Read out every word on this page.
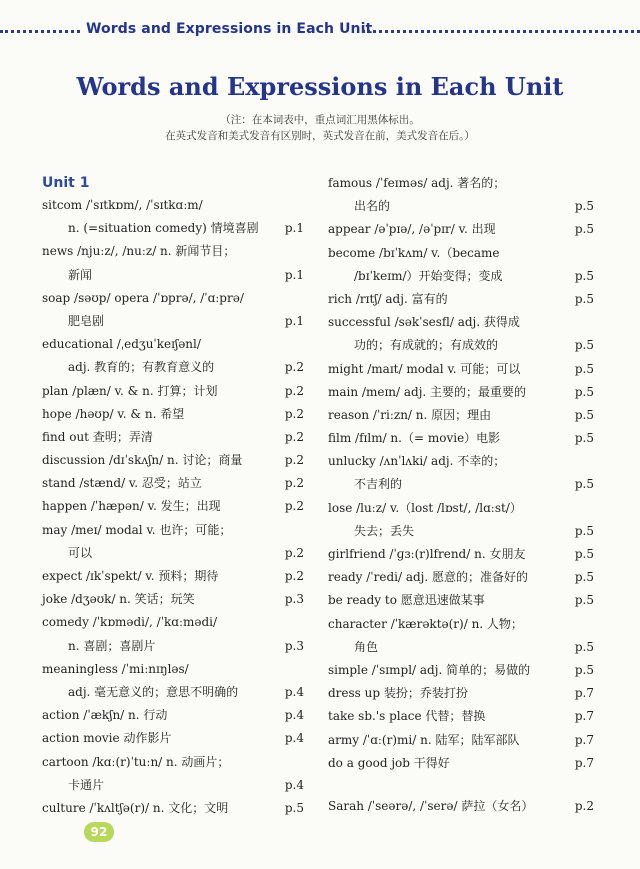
Words and Expressions in Each Unit
Words and Expressions in Each Unit
（注：在本词表中，重点词汇用黑体标出。
在英式发音和美式发音有区别时，英式发音在前，美式发音在后。）
Unit 1
sitcom /ˈsɪtkɒm/, /ˈsɪtkɑːm/
n. (=situation comedy) 情境喜剧 p.1
news /njuːz/, /nuːz/ n. 新闻节目；
新闻	p.1
soap /səʊp/ opera /ˈɒprə/, /ˈɑːprə/
肥皂剧	p.1
educational /ˌedʒuˈkeɪʃənl/
adj. 教育的；有教育意义的	p.2
plan /plæn/ v. & n. 打算；计划	p.2
hope /həʊp/ v. & n. 希望	p.2
find out 查明；弄清	p.2
discussion /dɪˈskʌʃn/ n. 讨论；商量	p.2
stand /stænd/ v. 忍受；站立	p.2
happen /ˈhæpən/ v. 发生；出现	p.2
may /meɪ/ modal v. 也许；可能；
可以	p.2
expect /ɪkˈspekt/ v. 预料；期待	p.2
joke /dʒəʊk/ n. 笑话；玩笑	p.3
comedy /ˈkɒmədi/, /ˈkɑːmədi/
n. 喜剧；喜剧片	p.3
meaningless /ˈmiːnɪŋləs/
adj. 毫无意义的；意思不明确的	p.4
action /ˈækʃn/ n. 行动	p.4
action movie 动作影片	p.4
cartoon /kɑː(r)ˈtuːn/ n. 动画片；
卡通片	p.4
culture /ˈkʌltʃə(r)/ n. 文化；文明	p.5
famous /ˈfeɪməs/ adj. 著名的；
出名的	p.5
appear /əˈpɪə/, /əˈpɪr/ v. 出现	p.5
become /bɪˈkʌm/ v.（became
/bɪˈkeɪm/）开始变得；变成	p.5
rich /rɪtʃ/ adj. 富有的	p.5
successful /səkˈsesfl/ adj. 获得成
功的；有成就的；有成效的	p.5
might /maɪt/ modal v. 可能；可以	p.5
main /meɪn/ adj. 主要的；最重要的	p.5
reason /ˈriːzn/ n. 原因；理由	p.5
film /fɪlm/ n.（= movie）电影	p.5
unlucky /ʌnˈlʌki/ adj. 不幸的；
不吉利的	p.5
lose /luːz/ v.（lost /lɒst/, /lɑːst/）
失去；丢失	p.5
girlfriend /ˈɡɜː(r)lfrend/ n. 女朋友	p.5
ready /ˈredi/ adj. 愿意的；准备好的	p.5
be ready to 愿意迅速做某事	p.5
character /ˈkærəktə(r)/ n. 人物；
角色	p.5
simple /ˈsɪmpl/ adj. 简单的；易做的	p.5
dress up 装扮；乔装打扮	p.7
take sb.'s place 代替；替换	p.7
army /ˈɑː(r)mi/ n. 陆军；陆军部队	p.7
do a good job 干得好	p.7
Sarah /ˈseərə/, /ˈserə/ 萨拉（女名）	p.2
92
